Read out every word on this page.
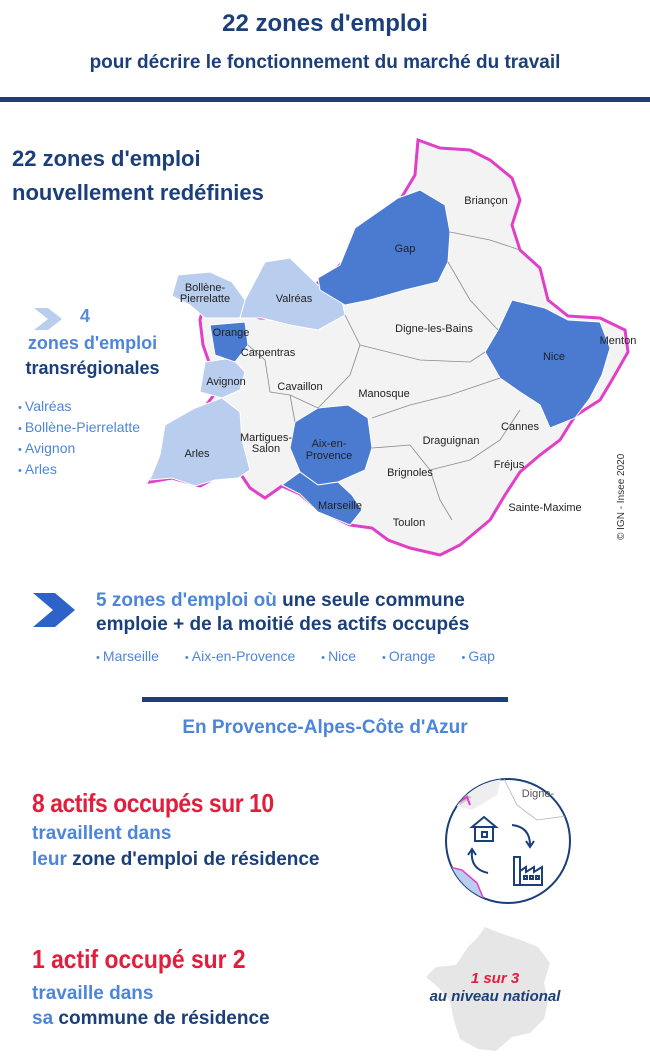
22 zones d'emploi
pour décrire le fonctionnement du marché du travail
22 zones d'emploi
nouvellement redéfinies
4
zones d'emploi
transrégionales
• Valréas
• Bollène-Pierrelatte
• Avignon
• Arles
Briançon
Gap
Bollène-
Pierrelatte	Valréas
Orange	Digne-les-Bains
Menton
Nice
Carpentras
Avignon	Cavaillon
Manosque
Cannes
Martigues-
Salon	Aix-en-
Provence
Draguignan
Arles
Brignoles
Fréjus
Marseille	Sainte-Maxime
Toulon	© IGN - Insee 2020
5 zones d'emploi où une seule commune
emploie + de la moitié des actifs occupés
• Marseille • Aix-en-Provence • Nice • Orange • Gap
En Provence-Alpes-Côte d'Azur
8 actifs occupés sur 10
travaillent dans
leur zone d'emploi de résidence
Digne-
1 actif occupé sur 2
travaille dans
sa commune de résidence
1 sur 3
au niveau national
